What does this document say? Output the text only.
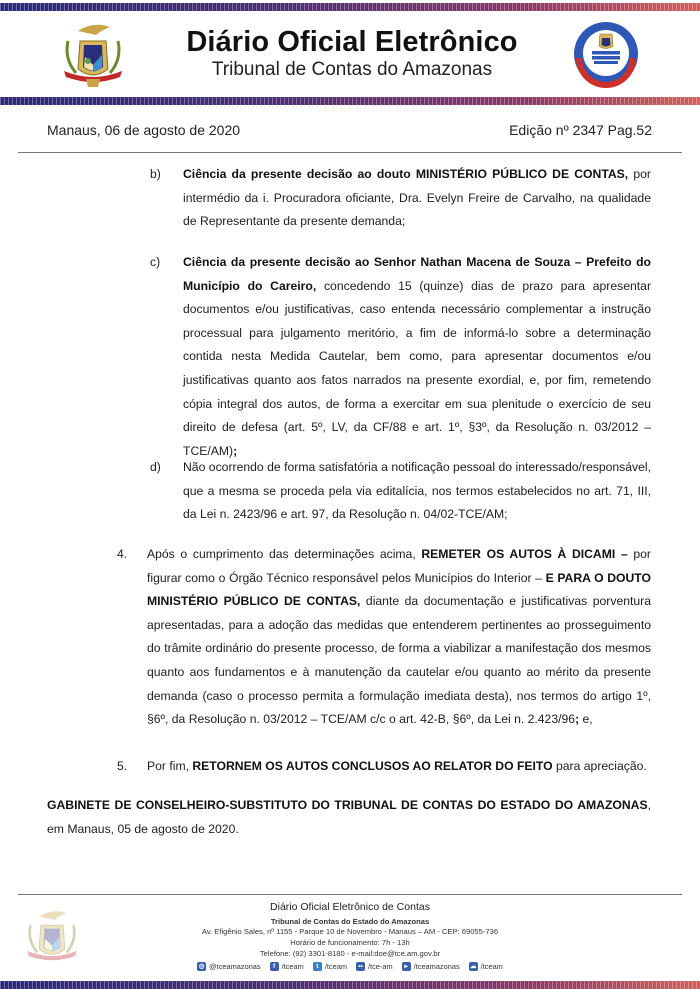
Diário Oficial Eletrônico
Tribunal de Contas do Amazonas
Manaus, 06 de agosto de 2020	Edição nº 2347 Pag.52
b) Ciência da presente decisão ao douto MINISTÉRIO PÚBLICO DE CONTAS, por intermédio da i. Procuradora oficiante, Dra. Evelyn Freire de Carvalho, na qualidade de Representante da presente demanda;
c) Ciência da presente decisão ao Senhor Nathan Macena de Souza – Prefeito do Município do Careiro, concedendo 15 (quinze) dias de prazo para apresentar documentos e/ou justificativas, caso entenda necessário complementar a instrução processual para julgamento meritório, a fim de informá-lo sobre a determinação contida nesta Medida Cautelar, bem como, para apresentar documentos e/ou justificativas quanto aos fatos narrados na presente exordial, e, por fim, remetendo cópia integral dos autos, de forma a exercitar em sua plenitude o exercício de seu direito de defesa (art. 5º, LV, da CF/88 e art. 1º, §3º, da Resolução n. 03/2012 – TCE/AM);
d) Não ocorrendo de forma satisfatória a notificação pessoal do interessado/responsável, que a mesma se proceda pela via editalícia, nos termos estabelecidos no art. 71, III, da Lei n. 2423/96 e art. 97, da Resolução n. 04/02-TCE/AM;
4. Após o cumprimento das determinações acima, REMETER OS AUTOS À DICAMI – por figurar como o Órgão Técnico responsável pelos Municípios do Interior – E PARA O DOUTO MINISTÉRIO PÚBLICO DE CONTAS, diante da documentação e justificativas porventura apresentadas, para a adoção das medidas que entenderem pertinentes ao prosseguimento do trâmite ordinário do presente processo, de forma a viabilizar a manifestação dos mesmos quanto aos fundamentos e à manutenção da cautelar e/ou quanto ao mérito da presente demanda (caso o processo permita a formulação imediata desta), nos termos do artigo 1º, §6º, da Resolução n. 03/2012 – TCE/AM c/c o art. 42-B, §6º, da Lei n. 2.423/96; e,
5. Por fim, RETORNEM OS AUTOS CONCLUSOS AO RELATOR DO FEITO para apreciação.
GABINETE DE CONSELHEIRO-SUBSTITUTO DO TRIBUNAL DE CONTAS DO ESTADO DO AMAZONAS, em Manaus, 05 de agosto de 2020.
Diário Oficial Eletrônico de Contas
Tribunal de Contas do Estado do Amazonas
Av. Efigênio Sales, nº 1155 - Parque 10 de Novembro - Manaus – AM - CEP: 69055-736
Horário de funcionamento: 7h - 13h
Telefone: (92) 3301-8180 - e-mail:doe@tce.am.gov.br
◎ @tceamazonas	f /tceam	t /tceam	•• /tce-am	▸ /tceamazonas ☁ /tceam
